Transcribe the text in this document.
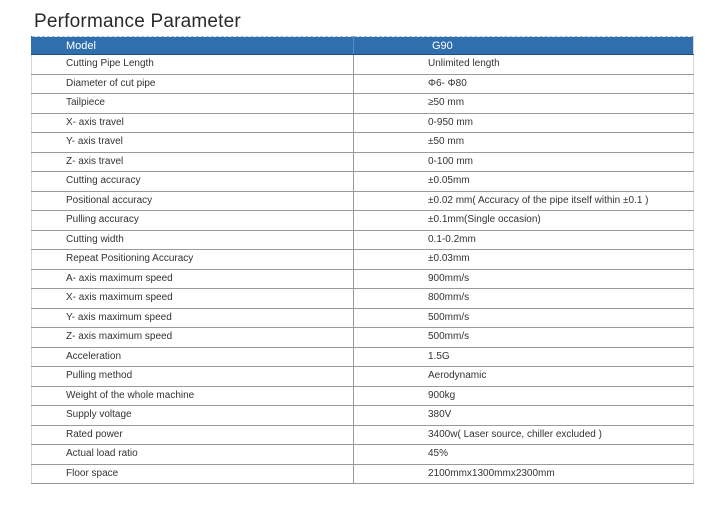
Performance Parameter
Model	G90
Cutting Pipe Length	Unlimited length
Diameter of cut pipe	Φ6- Φ80
Tailpiece	≥50 mm
X- axis travel	0-950 mm
Y- axis travel	±50 mm
Z- axis travel	0-100 mm
Cutting accuracy	±0.05mm
Positional accuracy	±0.02 mm( Accuracy of the pipe itself within ±0.1 )
Pulling accuracy	±0.1mm(Single occasion)
Cutting width	0.1-0.2mm
Repeat Positioning Accuracy	±0.03mm
A- axis maximum speed	900mm/s
X- axis maximum speed	800mm/s
Y- axis maximum speed	500mm/s
Z- axis maximum speed	500mm/s
Acceleration	1.5G
Pulling method	Aerodynamic
Weight of the whole machine	900kg
Supply voltage	380V
Rated power	3400w( Laser source, chiller excluded )
Actual load ratio	45%
Floor space	2100mmx1300mmx2300mm
